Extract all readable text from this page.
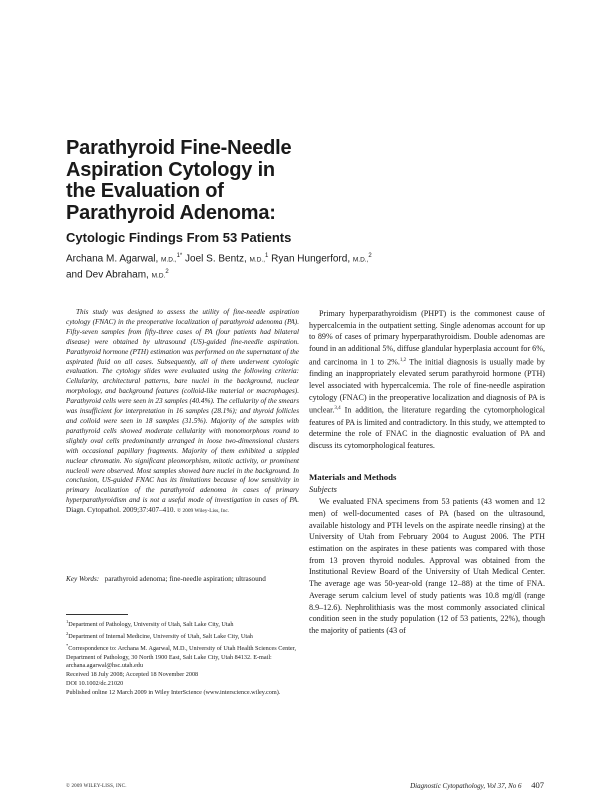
Parathyroid Fine-Needle
Aspiration Cytology in
the Evaluation of
Parathyroid Adenoma:
Cytologic Findings From 53 Patients
Archana M. Agarwal, M.D.,$^{1*}$ Joel S. Bentz, M.D.,$^1$ Ryan Hungerford, M.D.,$^2$
and Dev Abraham, M.D.$^2$
This study was designed to assess the utility of fine-needle aspiration cytology (FNAC) in the preoperative localization of parathyroid adenoma (PA). Fifty-seven samples from fifty-three cases of PA (four patients had bilateral disease) were obtained by ultrasound (US)-guided fine-needle aspiration. Parathyroid hormone (PTH) estimation was performed on the supernatant of the aspirated fluid on all cases. Subsequently, all of them underwent cytologic evaluation. The cytology slides were evaluated using the following criteria: Cellularity, architectural patterns, bare nuclei in the background, nuclear morphology, and background features (colloid-like material or macrophages). Parathyroid cells were seen in 23 samples (40.4%). The cellularity of the smears was insufficient for interpretation in 16 samples (28.1%); and thyroid follicles and colloid were seen in 18 samples (31.5%). Majority of the samples with parathyroid cells showed moderate cellularity with monomorphous round to slightly oval cells predominantly arranged in loose two-dimensional clusters with occasional papillary fragments. Majority of them exhibited a stippled nuclear chromatin. No significant pleomorphism, mitotic activity, or prominent nucleoli were observed. Most samples showed bare nuclei in the background. In conclusion, US-guided FNAC has its limitations because of low sensitivity in primary localization of the parathyroid adenoma in cases of primary hyperparathyroidism and is not a useful mode of investigation in cases of PA. Diagn. Cytopathol. 2009;37:407–410. © 2009 Wiley-Liss, Inc.
Key Words: parathyroid adenoma; fine-needle aspiration; ultrasound

$^1$Department of Pathology, University of Utah, Salt Lake City, Utah

$^2$Department of Internal Medicine, University of Utah, Salt Lake City, Utah

*Correspondence to: Archana M. Agarwal, M.D., University of Utah Health Sciences Center, Department of Pathology, 30 North 1900 East, Salt Lake City, Utah 84132. E-mail: archana.agarwal@hsc.utah.edu

Received 18 July 2008; Accepted 18 November 2008

DOI 10.1002/dc.21020

Published online 12 March 2009 in Wiley InterScience (www.interscience.wiley.com).

Primary hyperparathyroidism (PHPT) is the commonest cause of hypercalcemia in the outpatient setting. Single adenomas account for up to 89% of cases of primary hyperparathyroidism. Double adenomas are found in an additional 5%, diffuse glandular hyperplasia account for 6%, and carcinoma in 1 to 2%.$^{1,2}$ The initial diagnosis is usually made by finding an inappropriately elevated serum parathyroid hormone (PTH) level associated with hypercalcemia. The role of fine-needle aspiration cytology (FNAC) in the preoperative localization and diagnosis of PA is unclear.$^{3,4}$ In addition, the literature regarding the cytomorphological features of PA is limited and contradictory. In this study, we attempted to determine the role of FNAC in the diagnostic evaluation of PA and discuss its cytomorphological features.

Materials and Methods

Subjects

We evaluated FNA specimens from 53 patients (43 women and 12 men) of well-documented cases of PA (based on the ultrasound, available histology and PTH levels on the aspirate needle rinsing) at the University of Utah from February 2004 to August 2006. The PTH estimation on the aspirates in these patients was compared with those from 13 proven thyroid nodules. Approval was obtained from the Institutional Review Board of the University of Utah Medical Center. The average age was 50-year-old (range 12–88) at the time of FNA. Average serum calcium level of study patients was 10.8 mg/dl (range 8.9–12.6). Nephrolithiasis was the most commonly associated clinical condition seen in the study population (12 of 53 patients, 22%), though the majority of patients (43 of

© 2009 WILEY-LISS, INC.	Diagnostic Cytopathology, Vol 37, No 6 407
